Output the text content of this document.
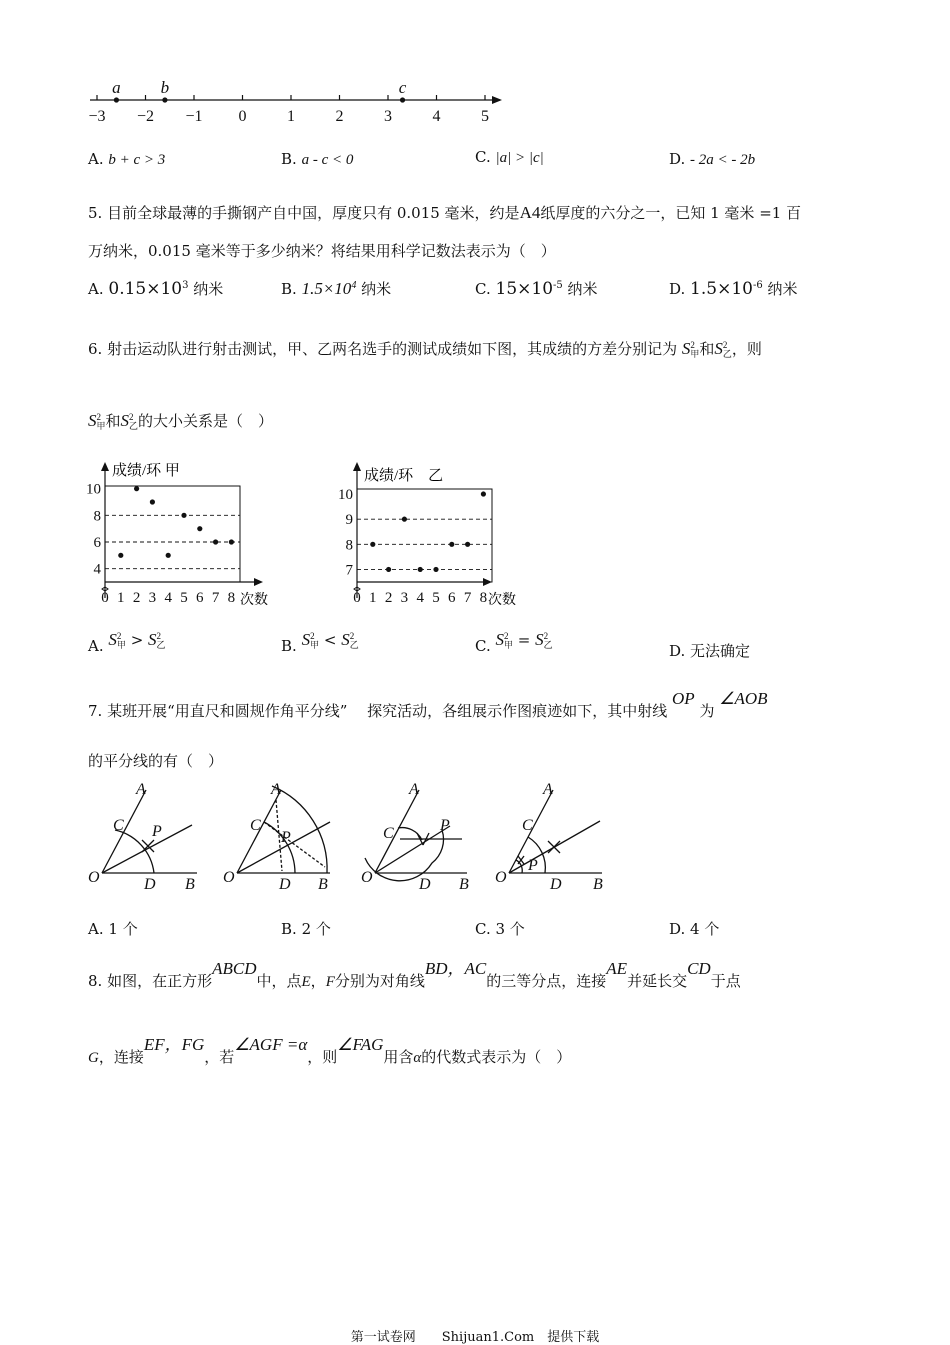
−3 −2 −1 0	1	2	3	4	5
a b	c
A. b + c > 3	B. a - c < 0	C. |a| > |c|	D. - 2a < - 2b
5. 目前全球最薄的手撕钢产自中国，厚度只有 0.015 毫米，约是A4纸厚度的六分之一，已知 1 毫米 =1 百
万纳米，0.015 毫米等于多少纳米？将结果用科学记数法表示为（　）
A. $0.15\times 10^3$ 纳米	B. $1.5\times 10^4$ 纳米	C. $15\times 10^{-5}$ 纳米	D. $1.5\times 10^{-6}$ 纳米
6. 射击运动队进行射击测试，甲、乙两名选手的测试成绩如下图，其成绩的方差分别记为 S2
甲和S2
乙，则
S2
甲和S2
乙的大小关系是（　）
成绩/环 甲
次数
4
6
8
10
0 1 2 3 4 5 6 7 8
成绩/环　乙
次数
7
8
9
10
0 1 2 3 4 5 6 7 8
A. S2
甲 > S2
乙	B. S2
甲 < S2
乙	C. S2
甲 = S2
乙	D. 无法确定
7. 某班开展“用直尺和圆规作角平分线”　 探究活动，各组展示作图痕迹如下，其中射线 OP 为 ∠AOB
的平分线的有（　）
O
A
C P
D B O
A
C
P
D B O
A
C	P
D B O
A
C
P
D B
A. 1 个	B. 2 个	C. 3 个	D. 4 个
8. 如图，在正方形ABCD中，点E，F分别为对角线BD，AC的三等分点，连接AE并延长交CD于点
G，连接EF，FG，若∠AGF =α，则∠FAG用含α的代数式表示为（　）
第一试卷网　　Shijuan1.Com　提供下载
